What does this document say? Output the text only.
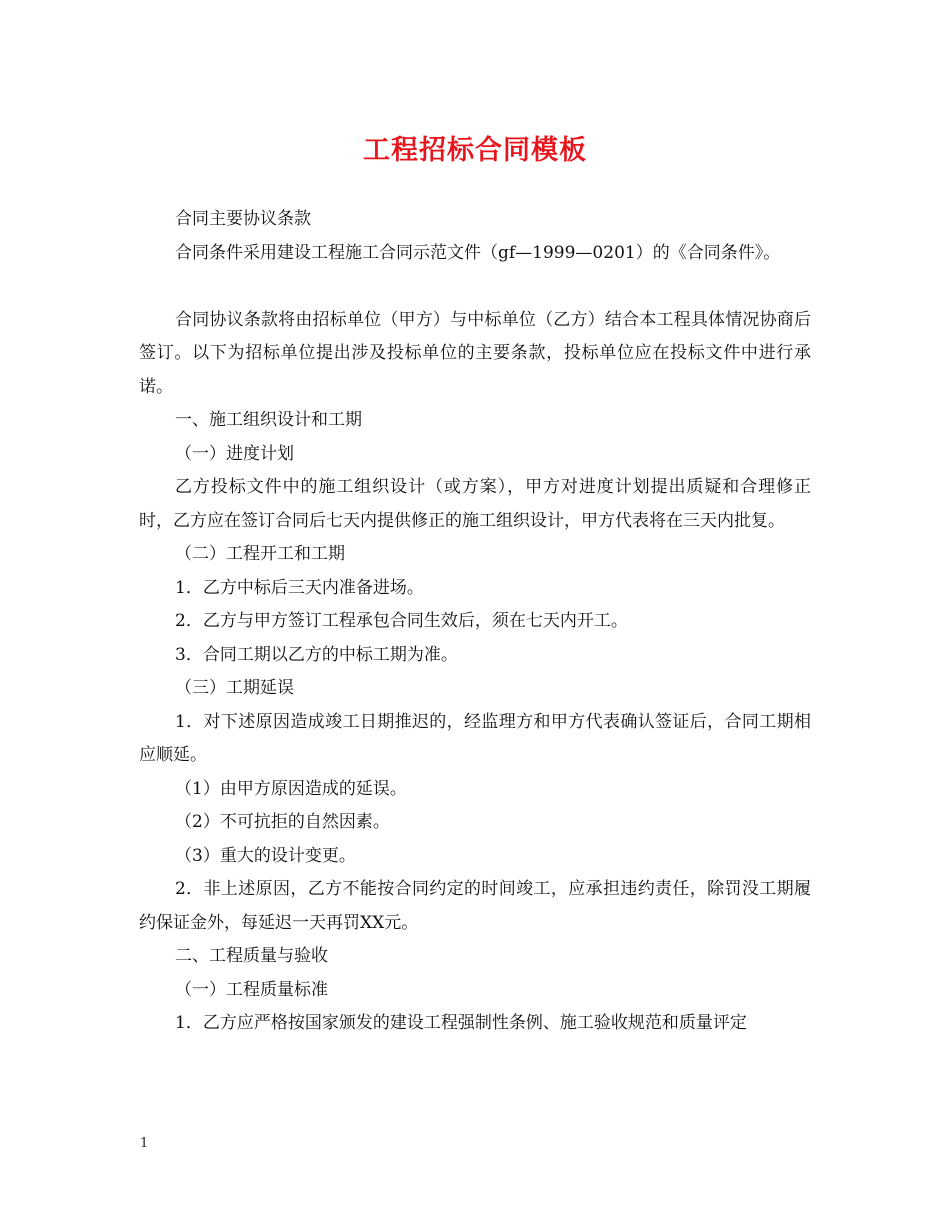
工程招标合同模板

合同主要协议条款

合同条件采用建设工程施工合同示范文件（gf—1999—0201）的《合同条件》。

合同协议条款将由招标单位（甲方）与中标单位（乙方）结合本工程具体情况协商后签订。以下为招标单位提出涉及投标单位的主要条款，投标单位应在投标文件中进行承诺。

一、施工组织设计和工期

（一）进度计划

乙方投标文件中的施工组织设计（或方案），甲方对进度计划提出质疑和合理修正时，乙方应在签订合同后七天内提供修正的施工组织设计，甲方代表将在三天内批复。

（二）工程开工和工期

1．乙方中标后三天内准备进场。

2．乙方与甲方签订工程承包合同生效后，须在七天内开工。

3．合同工期以乙方的中标工期为准。

（三）工期延误

1．对下述原因造成竣工日期推迟的，经监理方和甲方代表确认签证后，合同工期相应顺延。

（1）由甲方原因造成的延误。

（2）不可抗拒的自然因素。

（3）重大的设计变更。

2．非上述原因，乙方不能按合同约定的时间竣工，应承担违约责任，除罚没工期履约保证金外，每延迟一天再罚XX元。

二、工程质量与验收

（一）工程质量标准

1．乙方应严格按国家颁发的建设工程强制性条例、施工验收规范和质量评定

1
